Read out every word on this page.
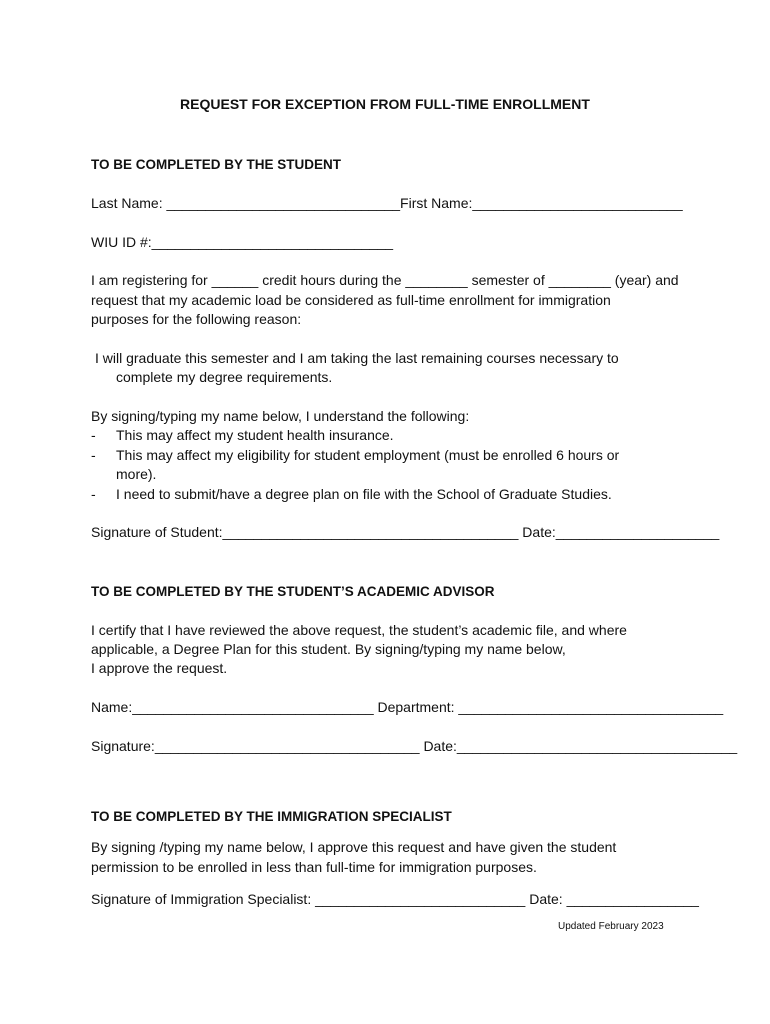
REQUEST FOR EXCEPTION FROM FULL-TIME ENROLLMENT
TO BE COMPLETED BY THE STUDENT
Last Name: ______________________________First Name:___________________________
WIU ID #:_______________________________
I am registering for ______ credit hours during the ________ semester of ________ (year) and
request that my academic load be considered as full-time enrollment for immigration
purposes for the following reason:
I will graduate this semester and I am taking the last remaining courses necessary to
complete my degree requirements.
By signing/typing my name below, I understand the following:
- This may affect my student health insurance.
- This may affect my eligibility for student employment (must be enrolled 6 hours or
more).
- I need to submit/have a degree plan on file with the School of Graduate Studies.
Signature of Student:______________________________________ Date:_____________________
TO BE COMPLETED BY THE STUDENT’S ACADEMIC ADVISOR
I certify that I have reviewed the above request, the student’s academic file, and where
applicable, a Degree Plan for this student. By signing/typing my name below,
I approve the request.
Name:_______________________________ Department: __________________________________
Signature:__________________________________ Date:____________________________________
TO BE COMPLETED BY THE IMMIGRATION SPECIALIST
By signing /typing my name below, I approve this request and have given the student
permission to be enrolled in less than full-time for immigration purposes.
Signature of Immigration Specialist: ___________________________ Date: _________________
Updated February 2023
